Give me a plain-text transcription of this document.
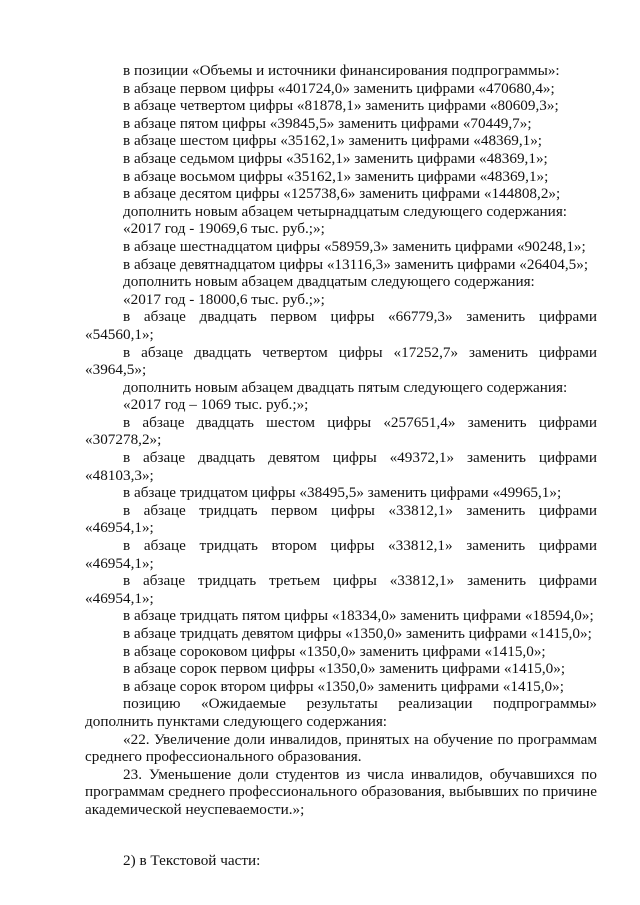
в позиции «Объемы и источники финансирования подпрограммы»:

в абзаце первом цифры «401724,0» заменить цифрами «470680,4»;

в абзаце четвертом цифры «81878,1» заменить цифрами «80609,3»;

в абзаце пятом цифры «39845,5» заменить цифрами «70449,7»;

в абзаце шестом цифры «35162,1» заменить цифрами «48369,1»;

в абзаце седьмом цифры «35162,1» заменить цифрами «48369,1»;

в абзаце восьмом цифры «35162,1» заменить цифрами «48369,1»;

в абзаце десятом цифры «125738,6» заменить цифрами «144808,2»;

дополнить новым абзацем четырнадцатым следующего содержания:

«2017 год - 19069,6 тыс. руб.;»;

в абзаце шестнадцатом цифры «58959,3» заменить цифрами «90248,1»;

в абзаце девятнадцатом цифры «13116,3» заменить цифрами «26404,5»;

дополнить новым абзацем двадцатым следующего содержания:

«2017 год - 18000,6 тыс. руб.;»;

в абзаце двадцать первом цифры «66779,3» заменить цифрами «54560,1»;

в абзаце двадцать четвертом цифры «17252,7» заменить цифрами «3964,5»;

дополнить новым абзацем двадцать пятым следующего содержания:

«2017 год – 1069 тыс. руб.;»;

в абзаце двадцать шестом цифры «257651,4» заменить цифрами «307278,2»;

в абзаце двадцать девятом цифры «49372,1» заменить цифрами «48103,3»;

в абзаце тридцатом цифры «38495,5» заменить цифрами «49965,1»;

в абзаце тридцать первом цифры «33812,1» заменить цифрами «46954,1»;

в абзаце тридцать втором цифры «33812,1» заменить цифрами «46954,1»;

в абзаце тридцать третьем цифры «33812,1» заменить цифрами «46954,1»;

в абзаце тридцать пятом цифры «18334,0» заменить цифрами «18594,0»;

в абзаце тридцать девятом цифры «1350,0» заменить цифрами «1415,0»;

в абзаце сороковом цифры «1350,0» заменить цифрами «1415,0»;

в абзаце сорок первом цифры «1350,0» заменить цифрами «1415,0»;

в абзаце сорок втором цифры «1350,0» заменить цифрами «1415,0»;

позицию «Ожидаемые результаты реализации подпрограммы» дополнить пунктами следующего содержания:

«22. Увеличение доли инвалидов, принятых на обучение по программам среднего профессионального образования.

23. Уменьшение доли студентов из числа инвалидов, обучавшихся по программам среднего профессионального образования, выбывших по причине академической неуспеваемости.»;

2) в Текстовой части:
